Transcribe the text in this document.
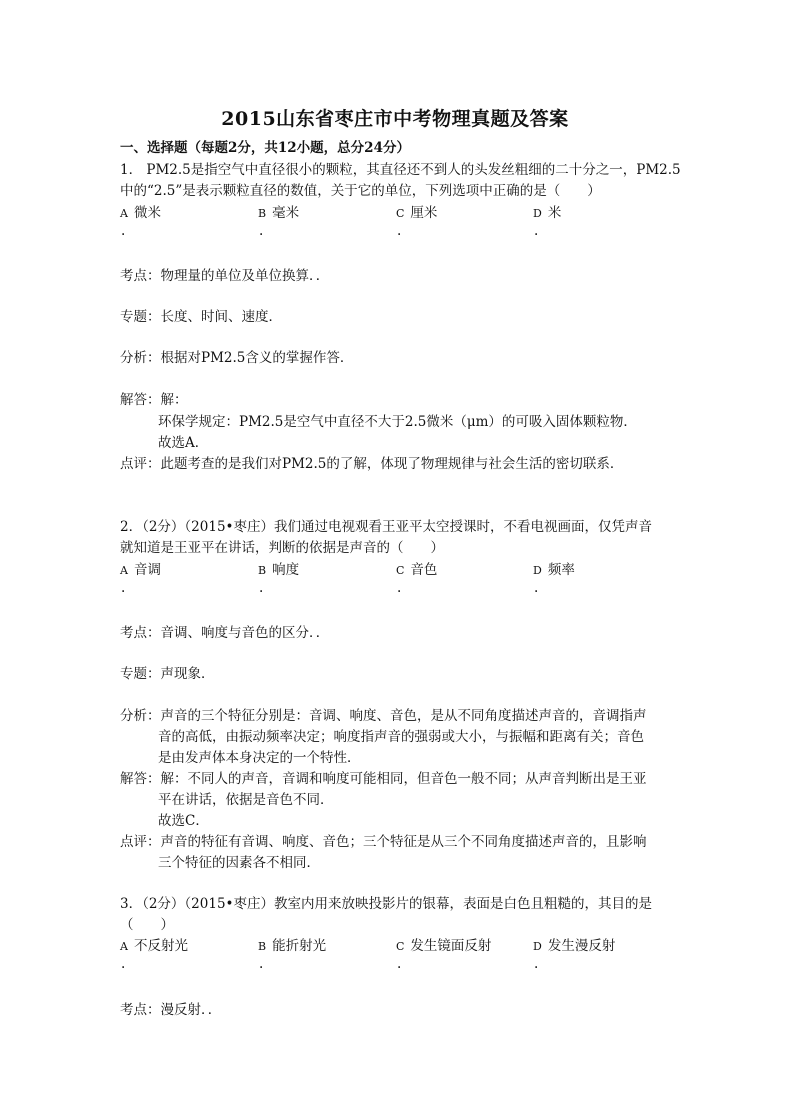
2015山东省枣庄市中考物理真题及答案
一、选择题（每题2分，共12小题，总分24分）
1． PM2.5是指空气中直径很小的颗粒，其直径还不到人的头发丝粗细的二十分之一，PM2.5
中的“2.5”是表示颗粒直径的数值，关于它的单位，下列选项中正确的是（　　）
A 微米	B 毫米	C 厘米	D 米
.	.	.	.
考点：物理量的单位及单位换算．．
专题：长度、时间、速度．
分析：根据对PM2.5含义的掌握作答．
解答：解：
环保学规定：PM2.5是空气中直径不大于2.5微米（μm）的可吸入固体颗粒物．
故选A．
点评：此题考查的是我们对PM2.5的了解，体现了物理规律与社会生活的密切联系．
2．（2分）（2015•枣庄）我们通过电视观看王亚平太空授课时，不看电视画面，仅凭声音
就知道是王亚平在讲话，判断的依据是声音的（　　）
A 音调	B 响度	C 音色	D 频率
.	.	.	.
考点：音调、响度与音色的区分．．
专题：声现象．
分析：声音的三个特征分别是：音调、响度、音色，是从不同角度描述声音的，音调指声
音的高低，由振动频率决定；响度指声音的强弱或大小，与振幅和距离有关；音色
是由发声体本身决定的一个特性．
解答：解：不同人的声音，音调和响度可能相同，但音色一般不同；从声音判断出是王亚
平在讲话，依据是音色不同．
故选C．
点评：声音的特征有音调、响度、音色；三个特征是从三个不同角度描述声音的，且影响
三个特征的因素各不相同．
3．（2分）（2015•枣庄）教室内用来放映投影片的银幕，表面是白色且粗糙的，其目的是
（　　）
A 不反射光	B 能折射光	C 发生镜面反射	D 发生漫反射
.	.	.	.
考点：漫反射．．
